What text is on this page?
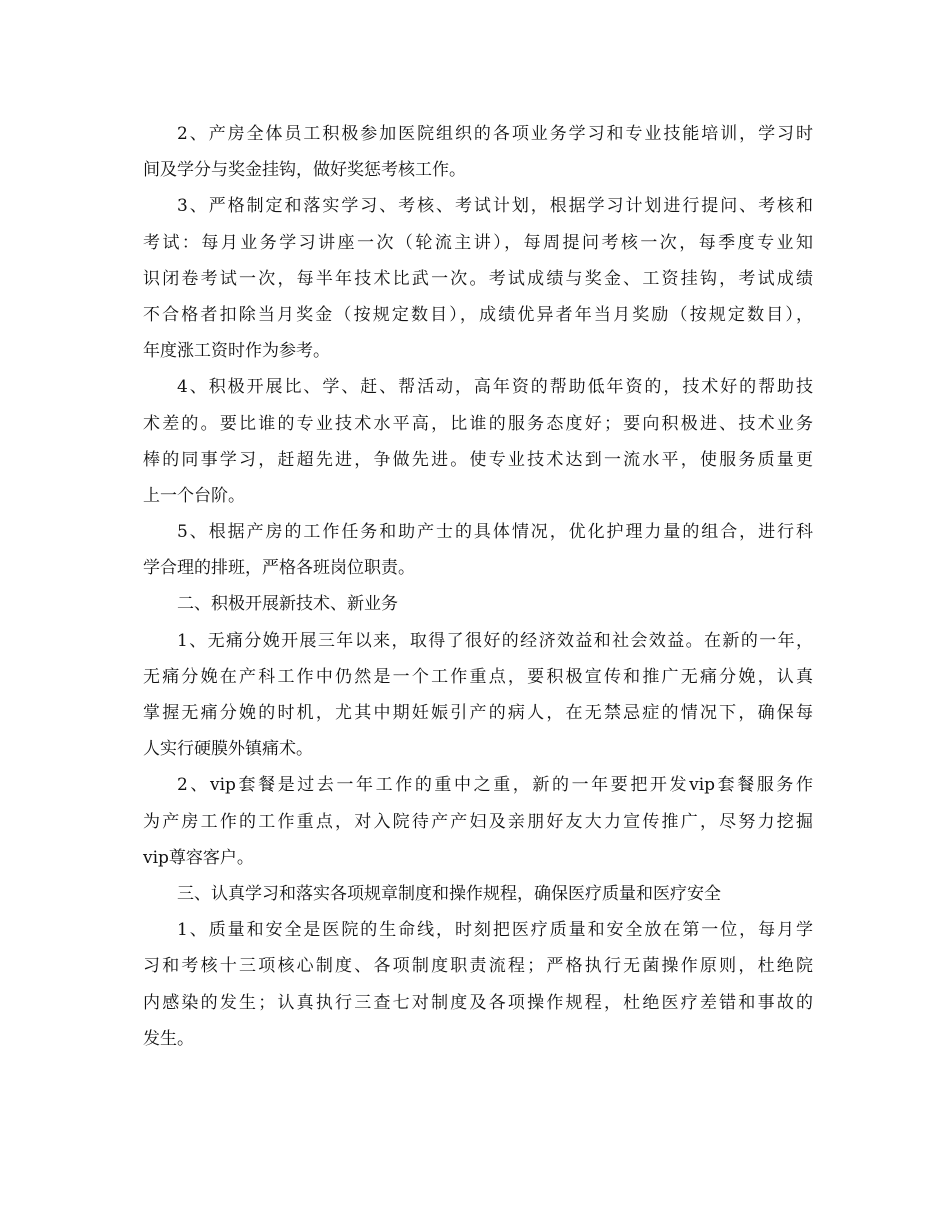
2、产房全体员工积极参加医院组织的各项业务学习和专业技能培训，学习时
间及学分与奖金挂钩，做好奖惩考核工作。
3、严格制定和落实学习、考核、考试计划，根据学习计划进行提问、考核和
考试：每月业务学习讲座一次（轮流主讲），每周提问考核一次，每季度专业知
识闭卷考试一次，每半年技术比武一次。考试成绩与奖金、工资挂钩，考试成绩
不合格者扣除当月奖金（按规定数目），成绩优异者年当月奖励（按规定数目），
年度涨工资时作为参考。
4、积极开展比、学、赶、帮活动，高年资的帮助低年资的，技术好的帮助技
术差的。要比谁的专业技术水平高，比谁的服务态度好；要向积极进、技术业务
棒的同事学习，赶超先进，争做先进。使专业技术达到一流水平，使服务质量更
上一个台阶。
5、根据产房的工作任务和助产士的具体情况，优化护理力量的组合，进行科
学合理的排班，严格各班岗位职责。
二、积极开展新技术、新业务
1、无痛分娩开展三年以来，取得了很好的经济效益和社会效益。在新的一年，
无痛分娩在产科工作中仍然是一个工作重点，要积极宣传和推广无痛分娩，认真
掌握无痛分娩的时机，尤其中期妊娠引产的病人，在无禁忌症的情况下，确保每
人实行硬膜外镇痛术。
2、vip套餐是过去一年工作的重中之重，新的一年要把开发vip套餐服务作
为产房工作的工作重点，对入院待产产妇及亲朋好友大力宣传推广，尽努力挖掘
vip尊容客户。
三、认真学习和落实各项规章制度和操作规程，确保医疗质量和医疗安全
1、质量和安全是医院的生命线，时刻把医疗质量和安全放在第一位，每月学
习和考核十三项核心制度、各项制度职责流程；严格执行无菌操作原则，杜绝院
内感染的发生；认真执行三查七对制度及各项操作规程，杜绝医疗差错和事故的
发生。
